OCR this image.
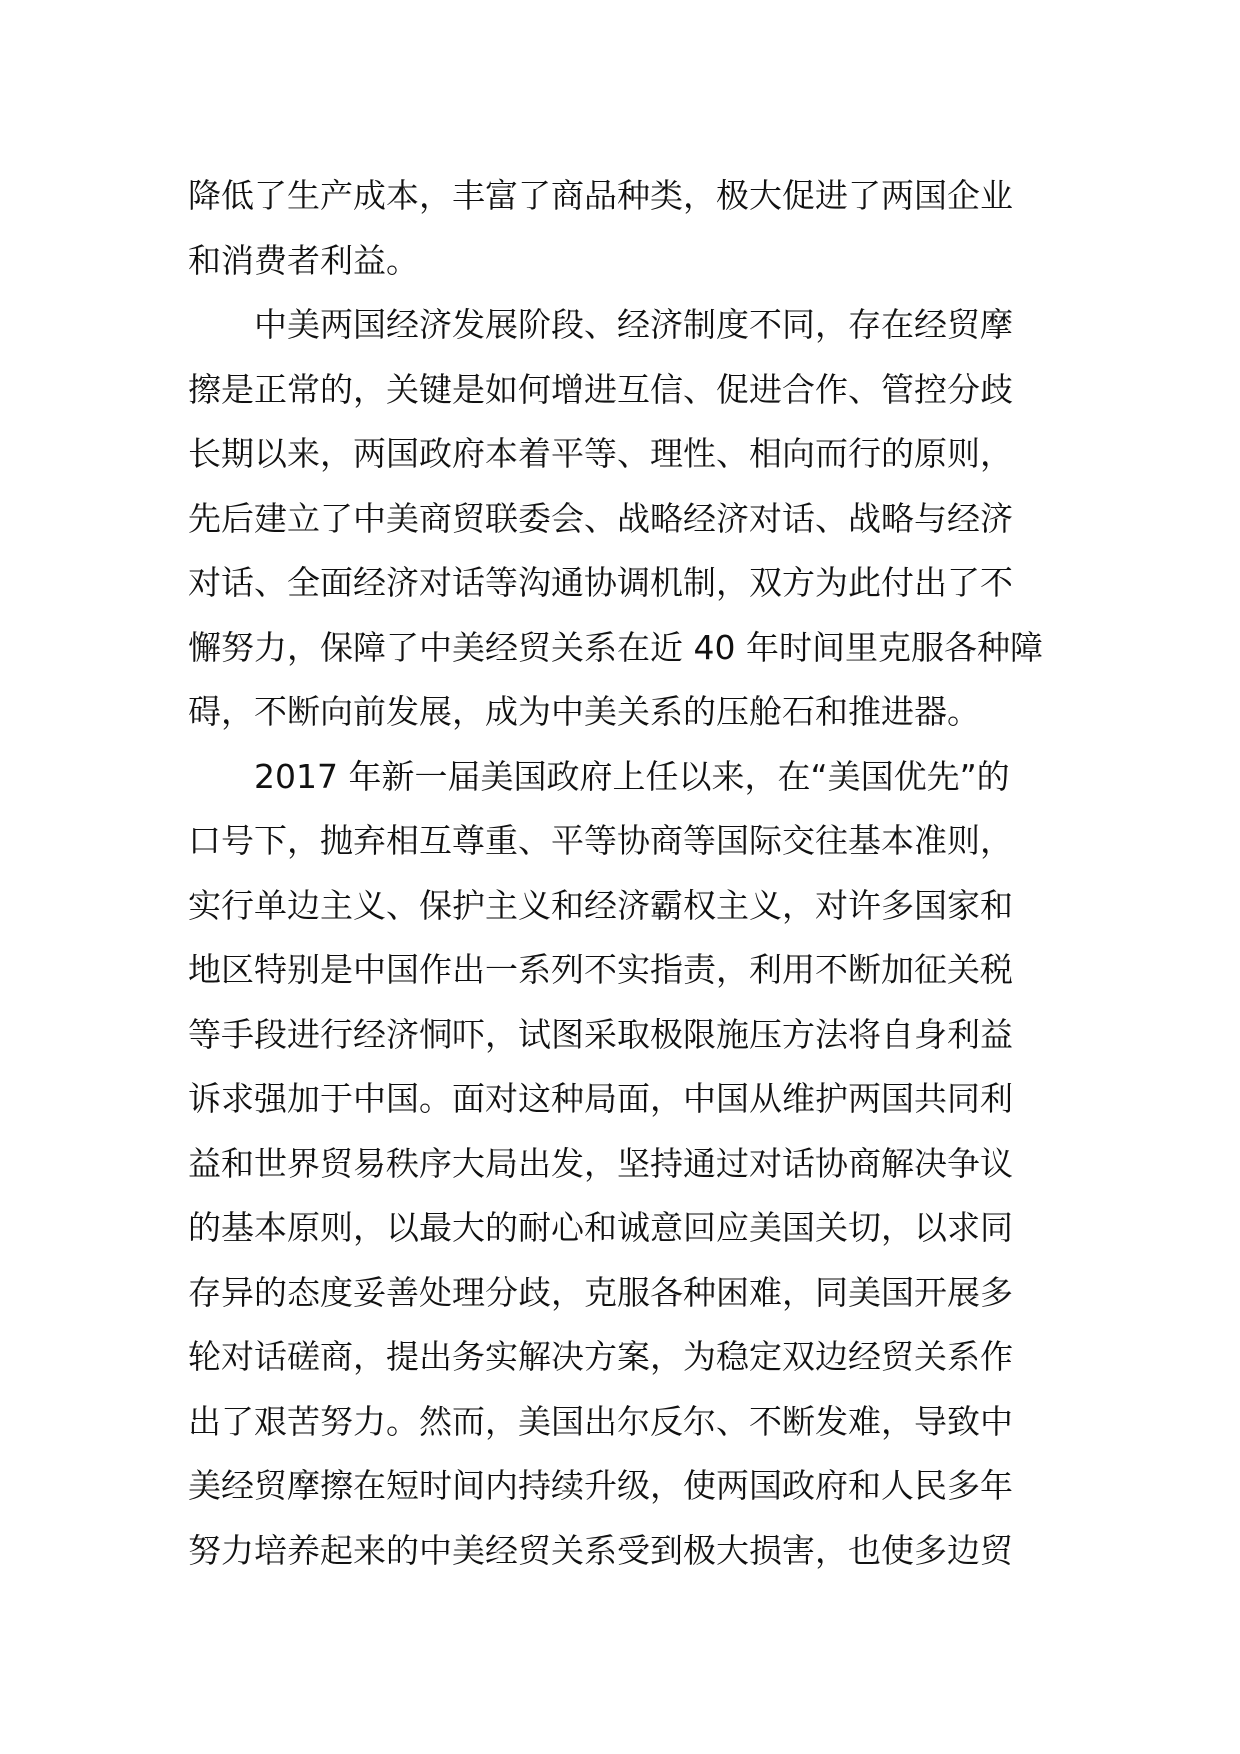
降低了生产成本，丰富了商品种类，极大促进了两国企业
和消费者利益。
　　中美两国经济发展阶段、经济制度不同，存在经贸摩
擦是正常的，关键是如何增进互信、促进合作、管控分歧
长期以来，两国政府本着平等、理性、相向而行的原则，
先后建立了中美商贸联委会、战略经济对话、战略与经济
对话、全面经济对话等沟通协调机制，双方为此付出了不
懈努力，保障了中美经贸关系在近 40 年时间里克服各种障
碍，不断向前发展，成为中美关系的压舱石和推进器。
　　2017 年新一届美国政府上任以来，在“美国优先”的
口号下，抛弃相互尊重、平等协商等国际交往基本准则，
实行单边主义、保护主义和经济霸权主义，对许多国家和
地区特别是中国作出一系列不实指责，利用不断加征关税
等手段进行经济恫吓，试图采取极限施压方法将自身利益
诉求强加于中国。面对这种局面，中国从维护两国共同利
益和世界贸易秩序大局出发，坚持通过对话协商解决争议
的基本原则，以最大的耐心和诚意回应美国关切，以求同
存异的态度妥善处理分歧，克服各种困难，同美国开展多
轮对话磋商，提出务实解决方案，为稳定双边经贸关系作
出了艰苦努力。然而，美国出尔反尔、不断发难，导致中
美经贸摩擦在短时间内持续升级，使两国政府和人民多年
努力培养起来的中美经贸关系受到极大损害，也使多边贸
